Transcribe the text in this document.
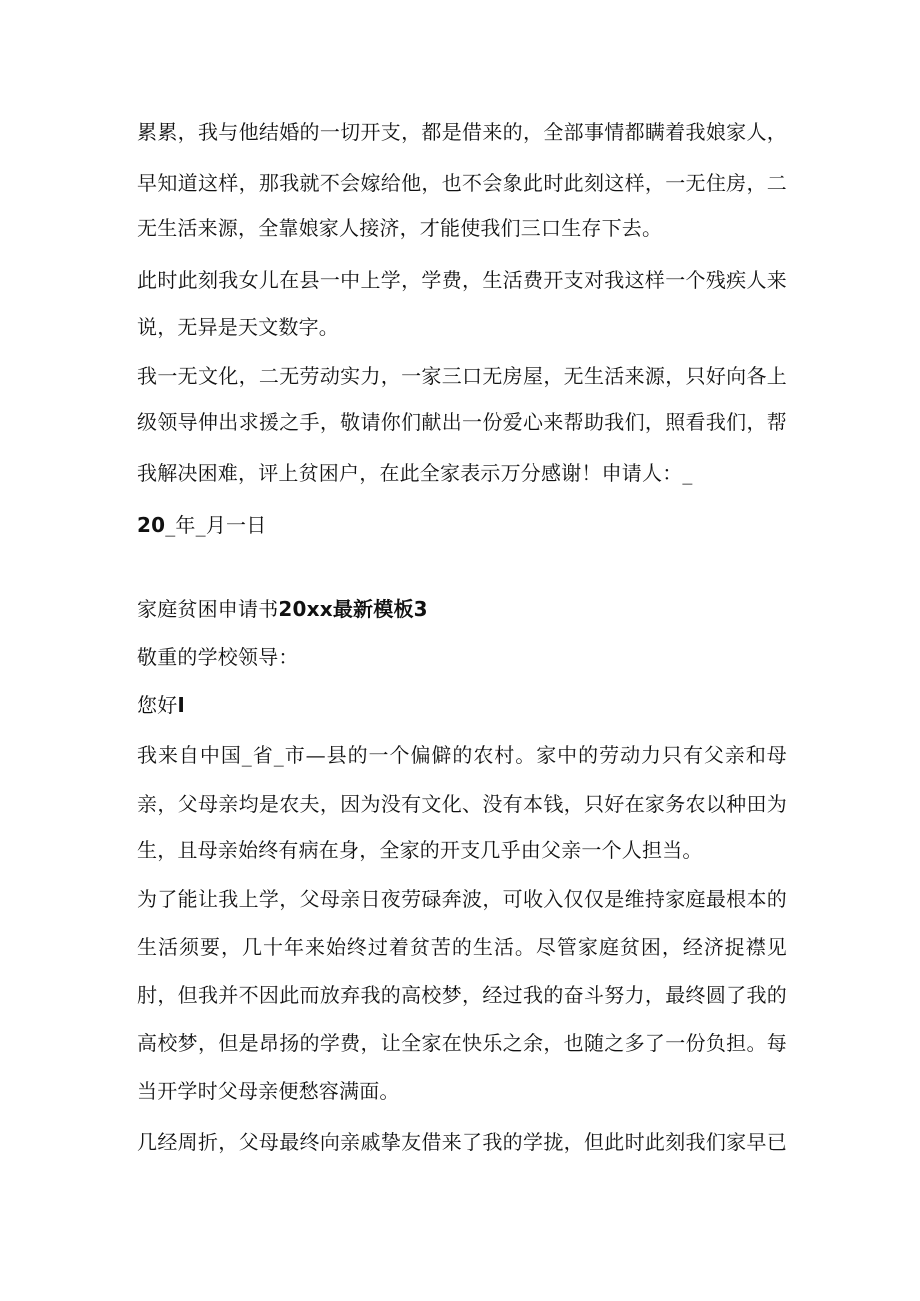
累累，我与他结婚的一切开支，都是借来的，全部事情都瞒着我娘家人，
早知道这样，那我就不会嫁给他，也不会象此时此刻这样，一无住房，二
无生活来源，全靠娘家人接济，才能使我们三口生存下去。
此时此刻我女儿在县一中上学，学费，生活费开支对我这样一个残疾人来
说，无异是天文数字。
我一无文化，二无劳动实力，一家三口无房屋，无生活来源，只好向各上
级领导伸出求援之手，敬请你们献出一份爱心来帮助我们，照看我们，帮
我解决困难，评上贫困户，在此全家表示万分感谢！申请人：_
20_年_月一日
家庭贫困申请书20xx最新模板3
敬重的学校领导：
您好I
我来自中国_省_市—县的一个偏僻的农村。家中的劳动力只有父亲和母
亲，父母亲均是农夫，因为没有文化、没有本钱，只好在家务农以种田为
生，且母亲始终有病在身，全家的开支几乎由父亲一个人担当。
为了能让我上学，父母亲日夜劳碌奔波，可收入仅仅是维持家庭最根本的
生活须要，几十年来始终过着贫苦的生活。尽管家庭贫困，经济捉襟见
肘，但我并不因此而放弃我的高校梦，经过我的奋斗努力，最终圆了我的
高校梦，但是昂扬的学费，让全家在快乐之余，也随之多了一份负担。每
当开学时父母亲便愁容满面。
几经周折，父母最终向亲戚挚友借来了我的学拢，但此时此刻我们家早已
